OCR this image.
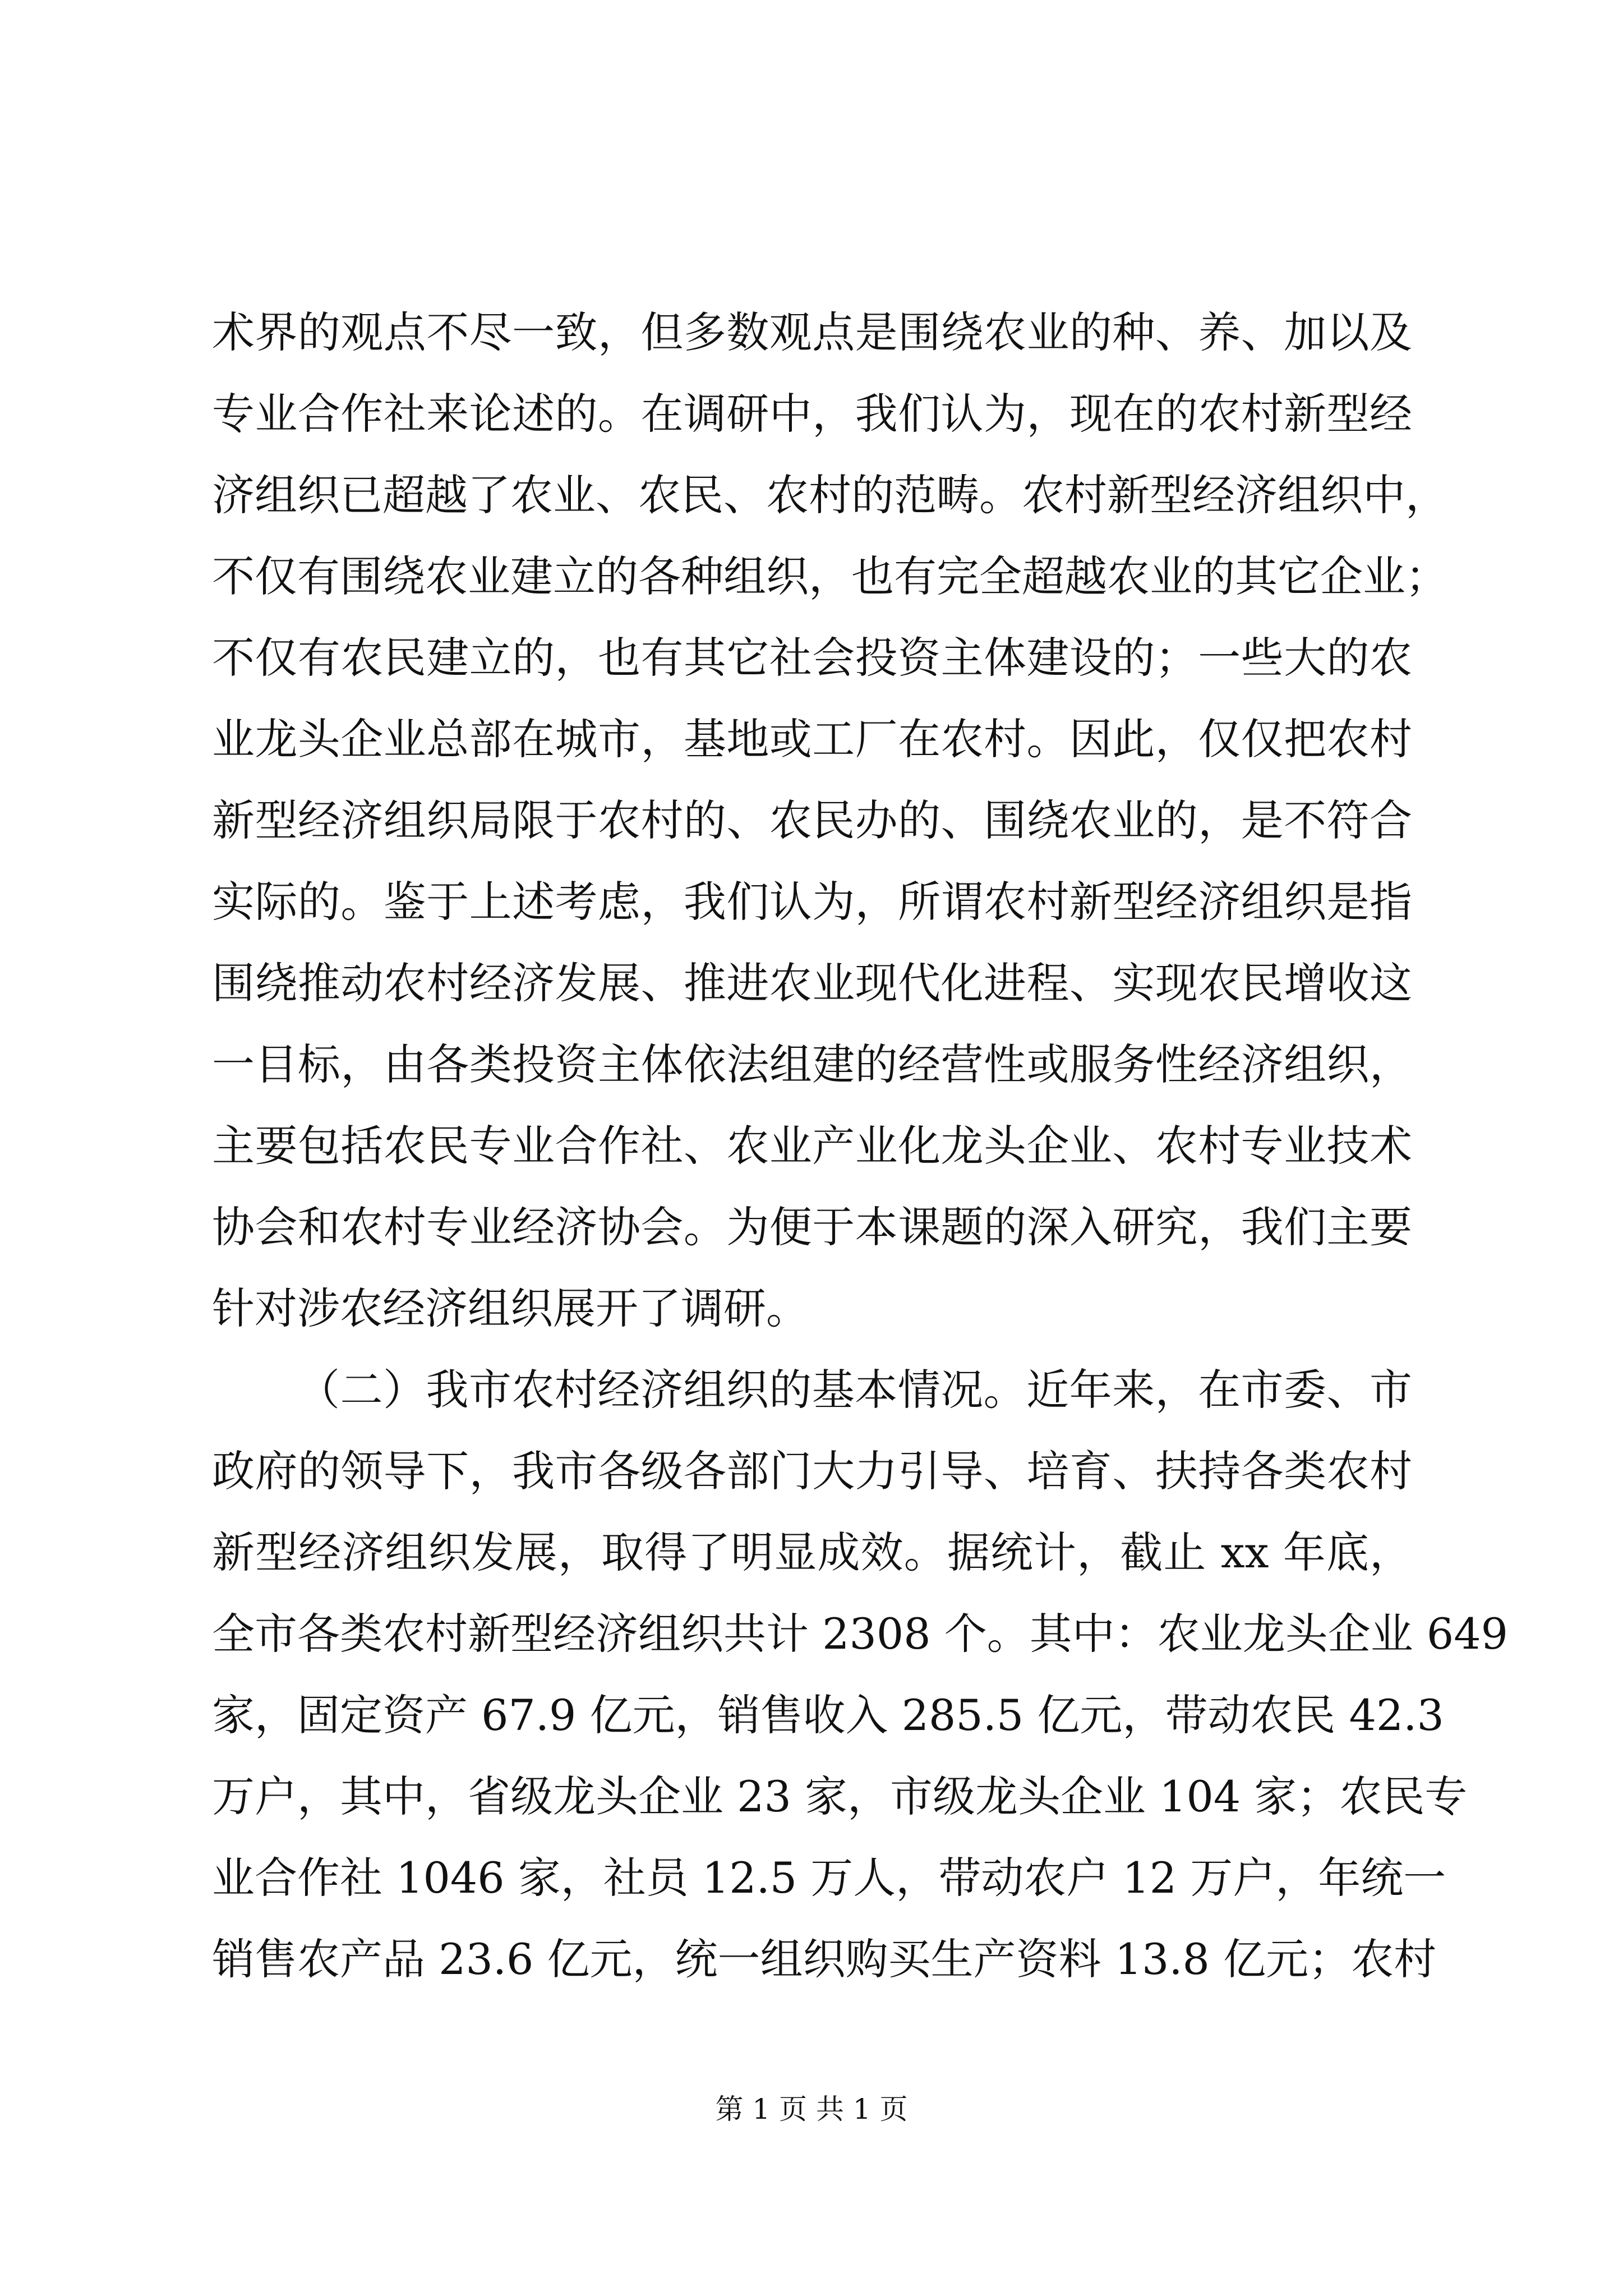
术界的观点不尽一致，但多数观点是围绕农业的种、养、加以及
专业合作社来论述的。在调研中，我们认为，现在的农村新型经
济组织已超越了农业、农民、农村的范畴。农村新型经济组织中，
不仅有围绕农业建立的各种组织，也有完全超越农业的其它企业；
不仅有农民建立的，也有其它社会投资主体建设的；一些大的农
业龙头企业总部在城市，基地或工厂在农村。因此，仅仅把农村
新型经济组织局限于农村的、农民办的、围绕农业的，是不符合
实际的。鉴于上述考虑，我们认为，所谓农村新型经济组织是指
围绕推动农村经济发展、推进农业现代化进程、实现农民增收这
一目标，由各类投资主体依法组建的经营性或服务性经济组织，
主要包括农民专业合作社、农业产业化龙头企业、农村专业技术
协会和农村专业经济协会。为便于本课题的深入研究，我们主要
针对涉农经济组织展开了调研。
（二）我市农村经济组织的基本情况。近年来，在市委、市
政府的领导下，我市各级各部门大力引导、培育、扶持各类农村
新型经济组织发展，取得了明显成效。据统计，截止 xx 年底，
全市各类农村新型经济组织共计 2308 个。其中：农业龙头企业 649
家，固定资产 67.9 亿元，销售收入 285.5 亿元，带动农民 42.3
万户，其中，省级龙头企业 23 家，市级龙头企业 104 家；农民专
业合作社 1046 家，社员 12.5 万人，带动农户 12 万户，年统一
销售农产品 23.6 亿元，统一组织购买生产资料 13.8 亿元；农村
第 1 页 共 1 页
